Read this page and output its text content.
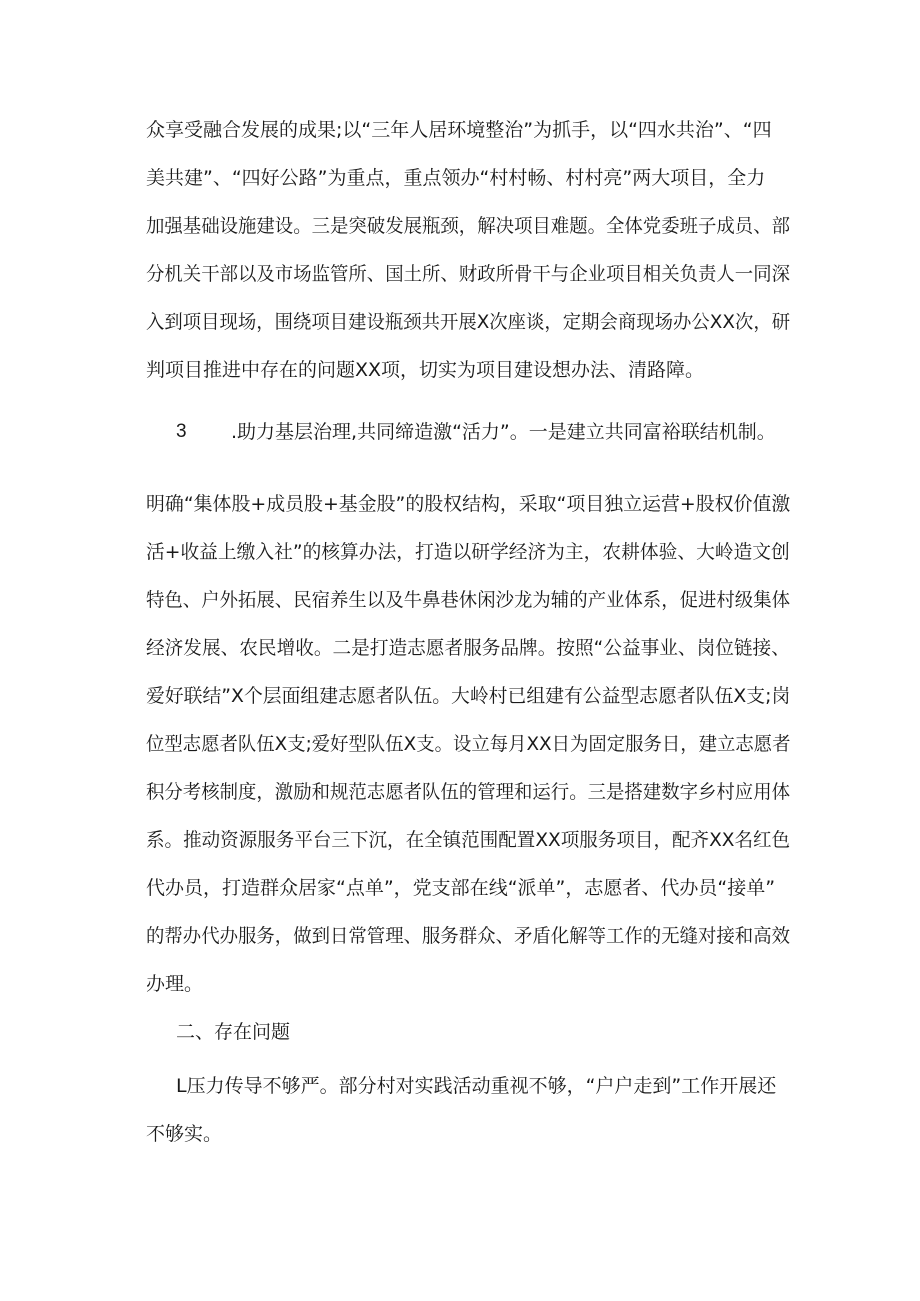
众享受融合发展的成果;以“三年人居环境整治”为抓手，以“四水共治”、“四
美共建”、“四好公路”为重点，重点领办“村村畅、村村亮”两大项目，全力
加强基础设施建设。三是突破发展瓶颈，解决项目难题。全体党委班子成员、部
分机关干部以及市场监管所、国土所、财政所骨干与企业项目相关负责人一同深
入到项目现场，围绕项目建设瓶颈共开展X次座谈，定期会商现场办公XX次，研
判项目推进中存在的问题XX项，切实为项目建设想办法、清路障。
3 .助力基层治理,共同缔造激“活力”。一是建立共同富裕联结机制。
明确“集体股+成员股+基金股”的股权结构，采取“项目独立运营+股权价值激
活+收益上缴入社”的核算办法，打造以研学经济为主，农耕体验、大岭造文创
特色、户外拓展、民宿养生以及牛鼻巷休闲沙龙为辅的产业体系，促进村级集体
经济发展、农民增收。二是打造志愿者服务品牌。按照“公益事业、岗位链接、
爱好联结”X个层面组建志愿者队伍。大岭村已组建有公益型志愿者队伍X支;岗
位型志愿者队伍X支;爱好型队伍X支。设立每月XX日为固定服务日，建立志愿者
积分考核制度，激励和规范志愿者队伍的管理和运行。三是搭建数字乡村应用体
系。推动资源服务平台三下沉，在全镇范围配置XX项服务项目，配齐XX名红色
代办员，打造群众居家“点单”，党支部在线“派单”，志愿者、代办员“接单”
的帮办代办服务，做到日常管理、服务群众、矛盾化解等工作的无缝对接和高效
办理。
二、存在问题
L压力传导不够严。部分村对实践活动重视不够，“户户走到”工作开展还
不够实。
